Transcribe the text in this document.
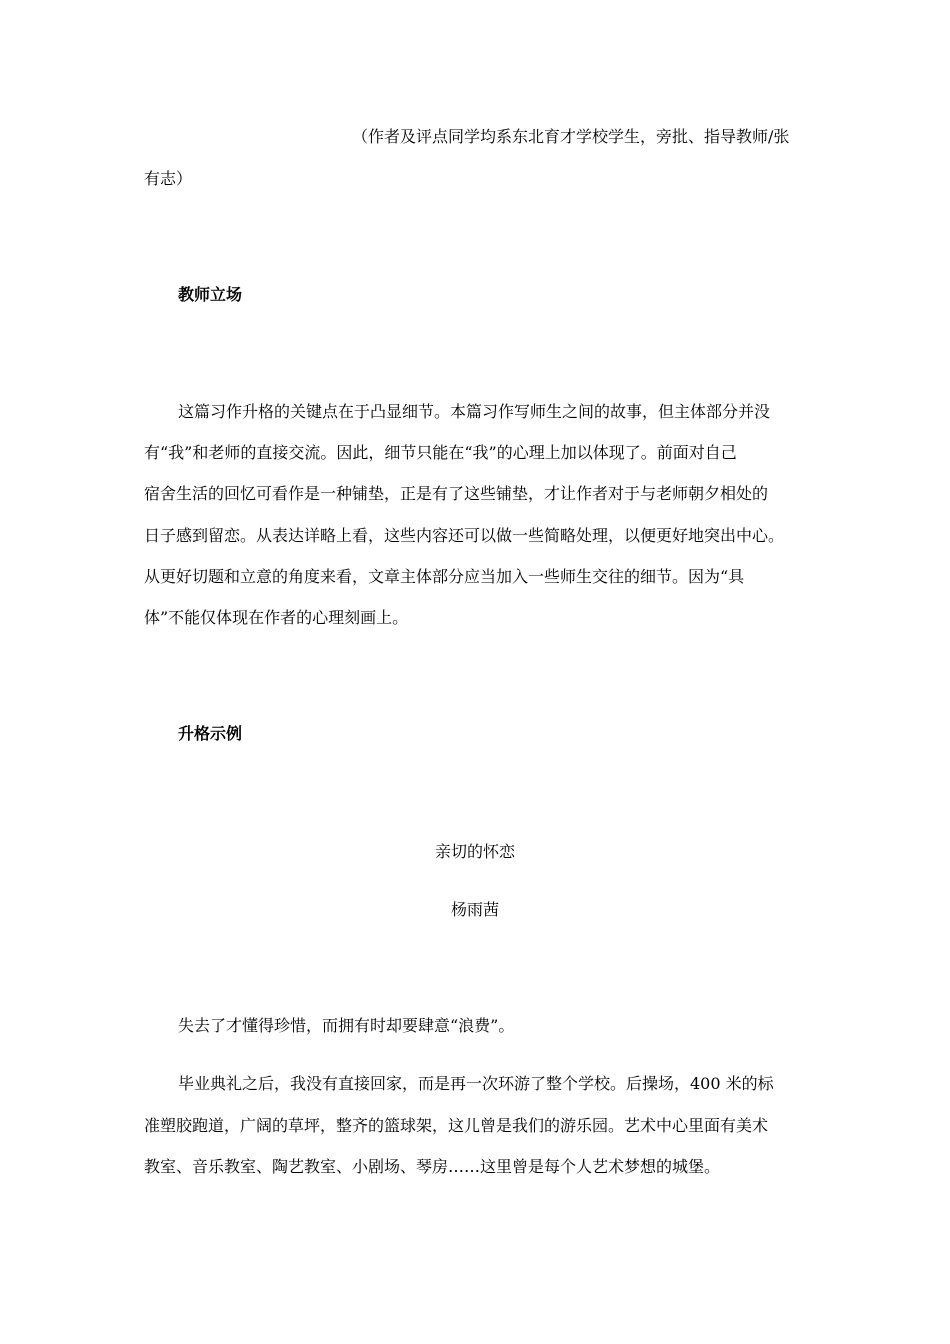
（作者及评点同学均系东北育才学校学生，旁批、指导教师/张
有志）
教师立场
这篇习作升格的关键点在于凸显细节。本篇习作写师生之间的故事，但主体部分并没
有“我”和老师的直接交流。因此，细节只能在“我”的心理上加以体现了。前面对自己
宿舍生活的回忆可看作是一种铺垫，正是有了这些铺垫，才让作者对于与老师朝夕相处的
日子感到留恋。从表达详略上看，这些内容还可以做一些简略处理，以便更好地突出中心。
从更好切题和立意的角度来看，文章主体部分应当加入一些师生交往的细节。因为“具
体”不能仅体现在作者的心理刻画上。
升格示例
亲切的怀恋
杨雨茜
失去了才懂得珍惜，而拥有时却要肆意“浪费”。
毕业典礼之后，我没有直接回家，而是再一次环游了整个学校。后操场，400 米的标
准塑胶跑道，广阔的草坪，整齐的篮球架，这儿曾是我们的游乐园。艺术中心里面有美术
教室、音乐教室、陶艺教室、小剧场、琴房……这里曾是每个人艺术梦想的城堡。
